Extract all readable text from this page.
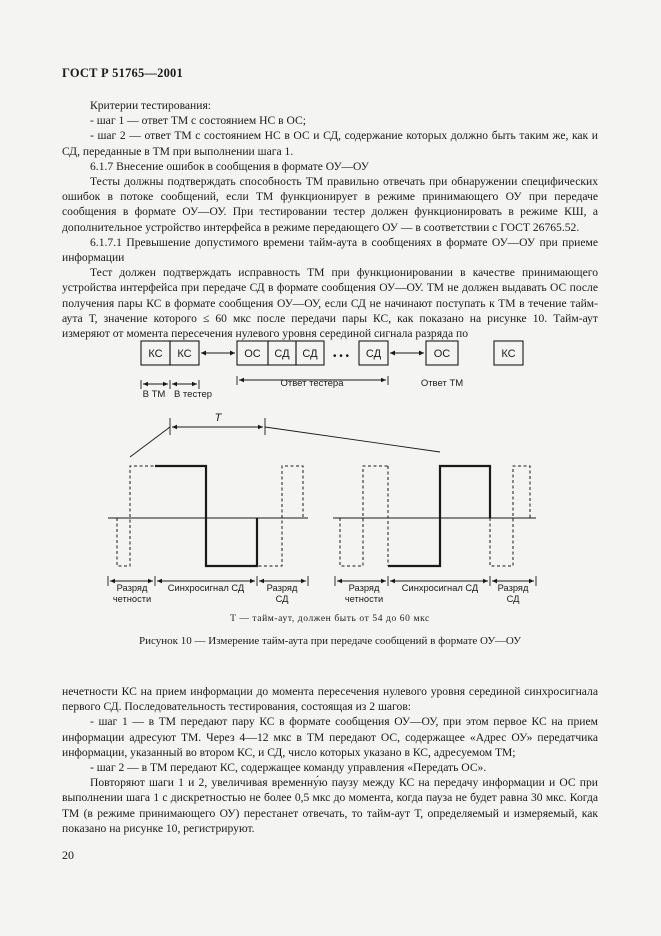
ГОСТ Р 51765—2001

Критерии тестирования:

- шаг 1 — ответ ТМ с состоянием НС в ОС;

- шаг 2 — ответ ТМ с состоянием НС в ОС и СД, содержание которых должно быть таким же, как и СД, переданные в ТМ при выполнении шага 1.

6.1.7 Внесение ошибок в сообщения в формате ОУ—ОУ

Тесты должны подтверждать способность ТМ правильно отвечать при обнаружении специфических ошибок в потоке сообщений, если ТМ функционирует в режиме принимающего ОУ при передаче сообщения в формате ОУ—ОУ. При тестировании тестер должен функционировать в режиме КШ, а дополнительное устройство интерфейса в режиме передающего ОУ — в соответствии с ГОСТ 26765.52.

6.1.7.1 Превышение допустимого времени тайм-аута в сообщениях в формате ОУ—ОУ при приеме информации

Тест должен подтверждать исправность ТМ при функционировании в качестве принимающего устройства интерфейса при передаче СД в формате сообщения ОУ—ОУ. ТМ не должен выдавать ОС после получения пары КС в формате сообщения ОУ—ОУ, если СД не начинают поступать к ТМ в течение тайм-аута Т, значение которого ≤ 60 мкс после передачи пары КС, как показано на рисунке 10. Тайм-аут измеряют от момента пересечения нулевого уровня серединой сигнала разряда по

КС КС	ОС СД СД • • • СД	ОС	КС
В ТМ В тестер
Ответ тестера	Ответ ТМ
T
Разряд
четности
Синхросигнал СД Разряд
СД
Разряд
четности
Синхросигнал СД Разряд
СД
T — тайм-аут, должен быть от 54 до 60 мкс
Рисунок 10 — Измерение тайм-аута при передаче сообщений в формате ОУ—ОУ

нечетности КС на прием информации до момента пересечения нулевого уровня серединой синхросигнала первого СД. Последовательность тестирования, состоящая из 2 шагов:

- шаг 1 — в ТМ передают пару КС в формате сообщения ОУ—ОУ, при этом первое КС на прием информации адресуют ТМ. Через 4—12 мкс в ТМ передают ОС, содержащее «Адрес ОУ» передатчика информации, указанный во втором КС, и СД, число которых указано в КС, адресуемом ТМ;

- шаг 2 — в ТМ передают КС, содержащее команду управления «Передать ОС».

Повторяют шаги 1 и 2, увеличивая временну́ю паузу между КС на передачу информации и ОС при выполнении шага 1 с дискретностью не более 0,5 мкс до момента, когда пауза не будет равна 30 мкс. Когда ТМ (в режиме принимающего ОУ) перестанет отвечать, то тайм-аут Т, определяемый и измеряемый, как показано на рисунке 10, регистрируют.

20
